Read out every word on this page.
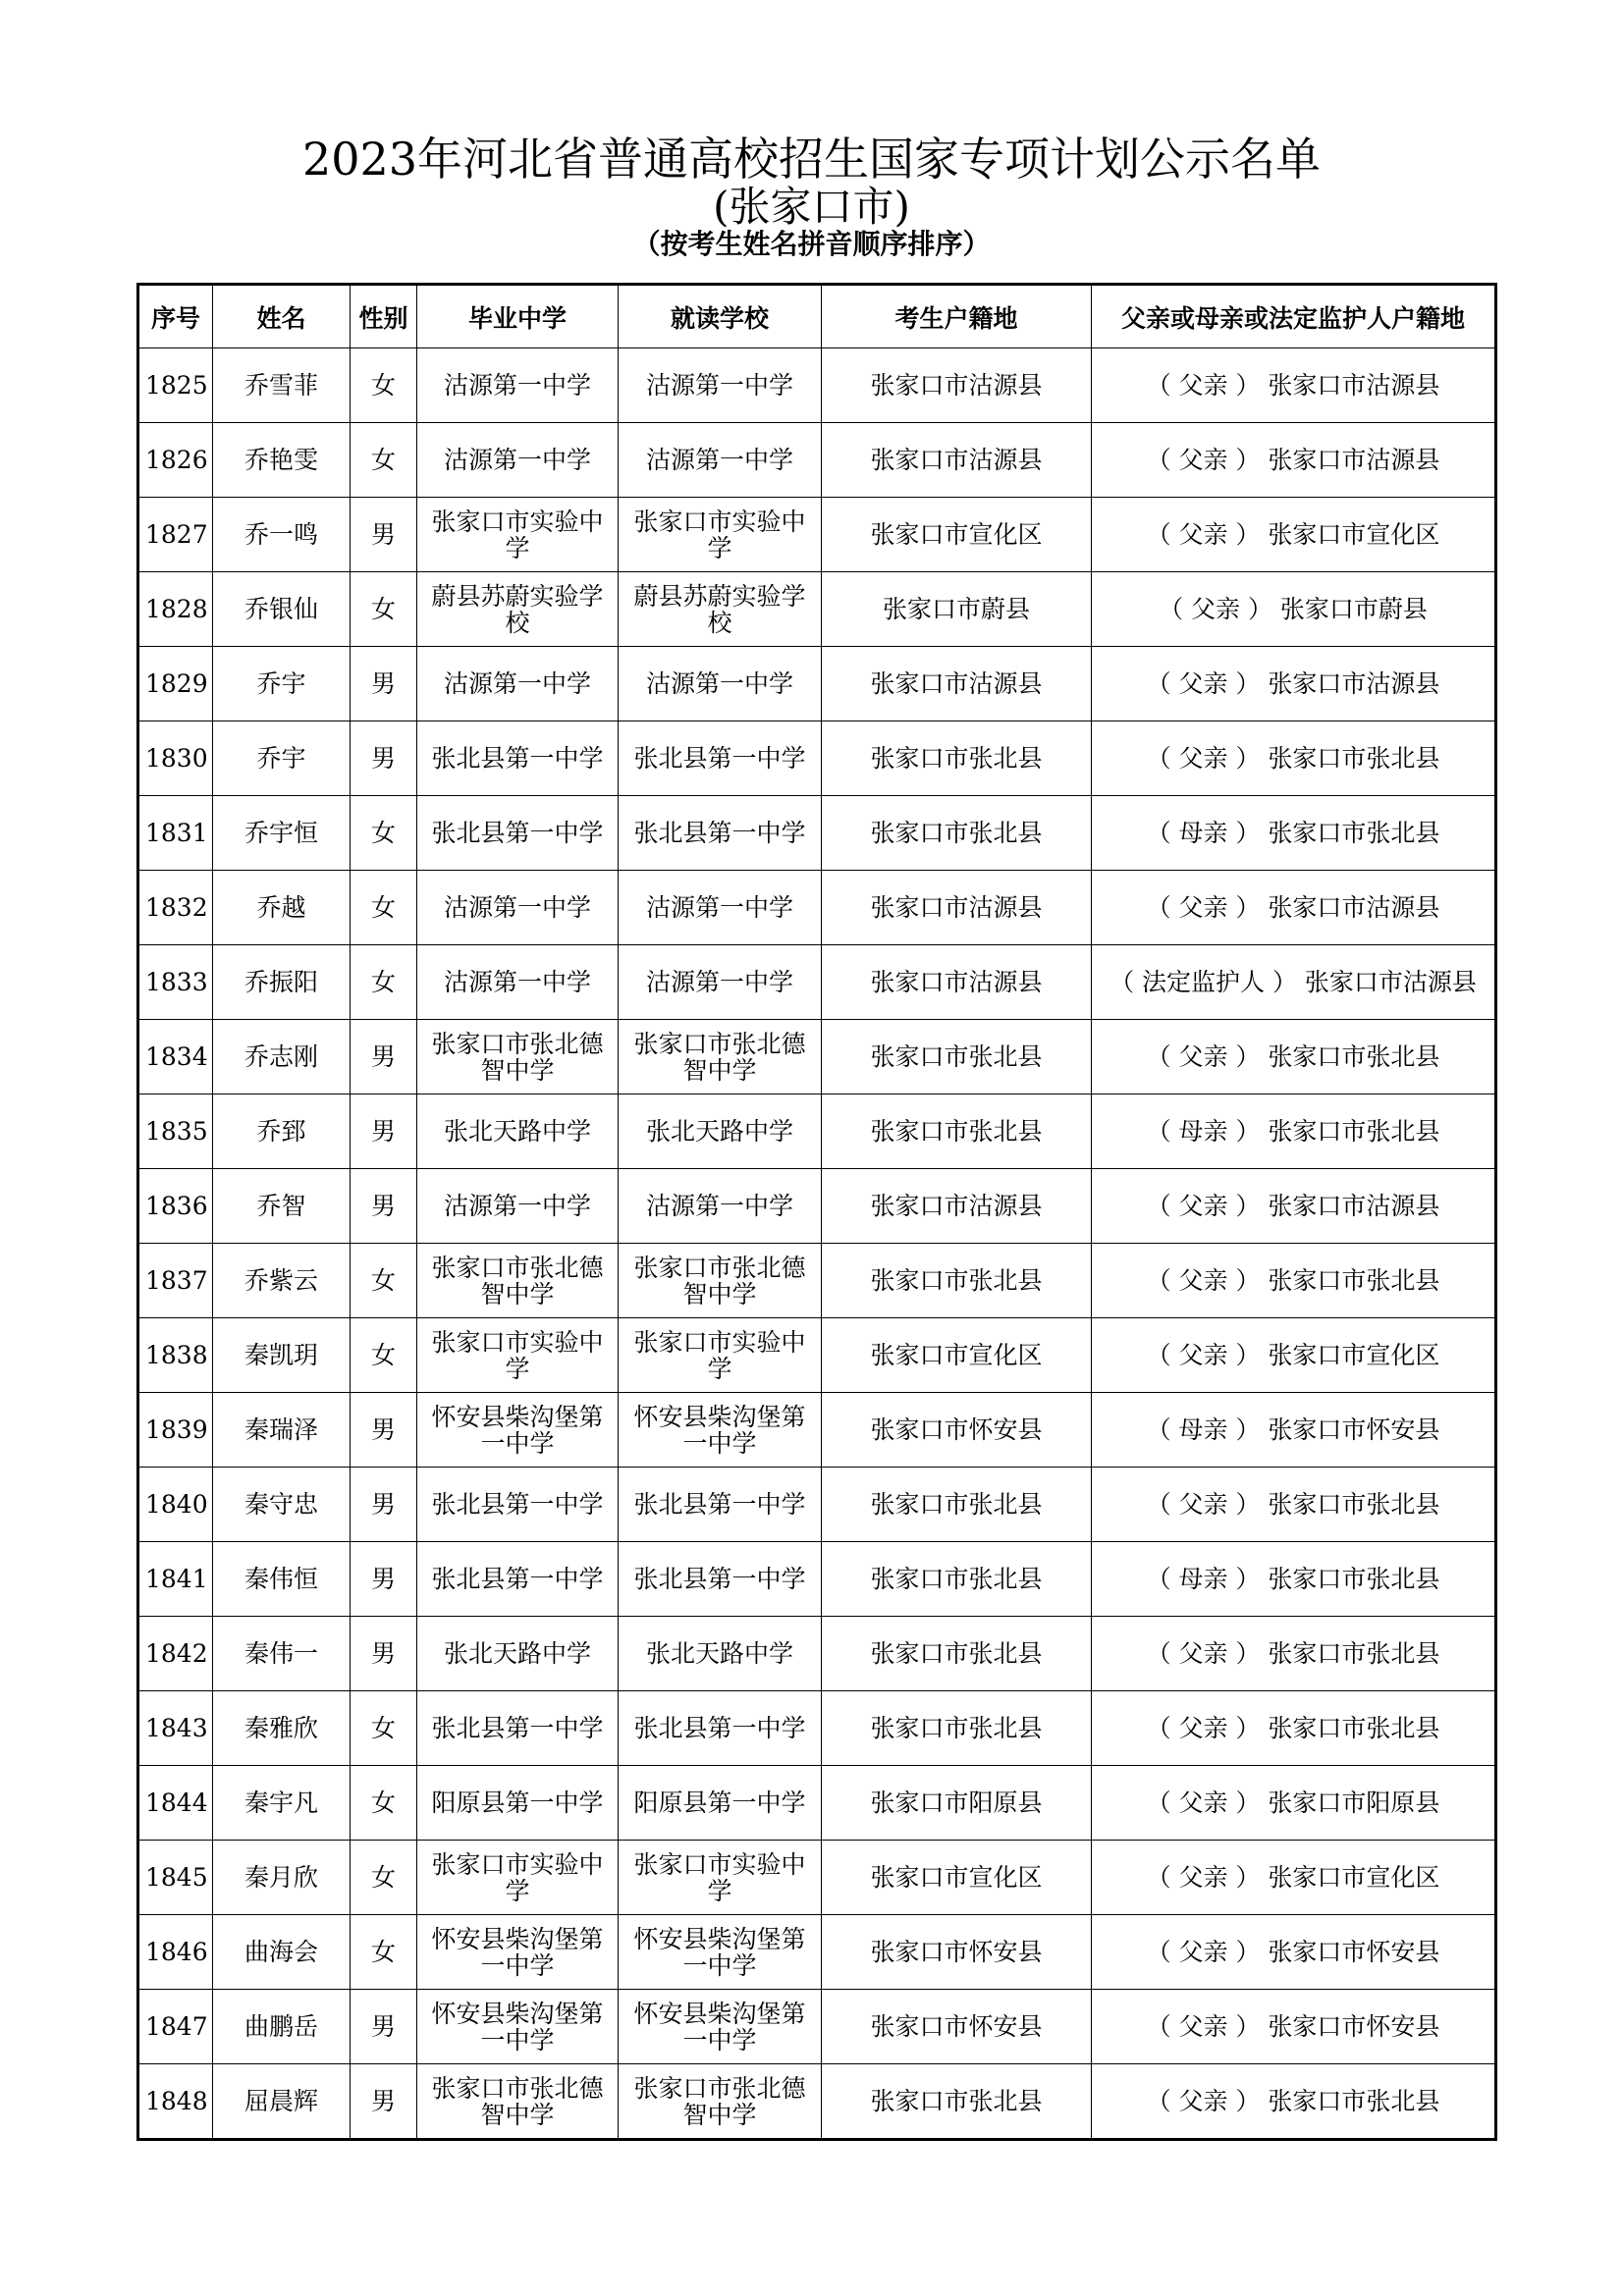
2023年河北省普通高校招生国家专项计划公示名单
(张家口市)
（按考生姓名拼音顺序排序）
序号	姓名	性别	毕业中学	就读学校	考生户籍地	父亲或母亲或法定监护人户籍地
1825	乔雪菲	女	沽源第一中学	沽源第一中学	张家口市沽源县	（ 父亲 ） 张家口市沽源县
1826	乔艳雯	女	沽源第一中学	沽源第一中学	张家口市沽源县	（ 父亲 ） 张家口市沽源县
1827	乔一鸣	男	张家口市实验中学	张家口市实验中学	张家口市宣化区	（ 父亲 ） 张家口市宣化区
1828	乔银仙	女	蔚县苏蔚实验学校	蔚县苏蔚实验学校	张家口市蔚县	（ 父亲 ） 张家口市蔚县
1829	乔宇	男	沽源第一中学	沽源第一中学	张家口市沽源县	（ 父亲 ） 张家口市沽源县
1830	乔宇	男	张北县第一中学	张北县第一中学	张家口市张北县	（ 父亲 ） 张家口市张北县
1831	乔宇恒	女	张北县第一中学	张北县第一中学	张家口市张北县	（ 母亲 ） 张家口市张北县
1832	乔越	女	沽源第一中学	沽源第一中学	张家口市沽源县	（ 父亲 ） 张家口市沽源县
1833	乔振阳	女	沽源第一中学	沽源第一中学	张家口市沽源县	（ 法定监护人 ） 张家口市沽源县
1834	乔志刚	男	张家口市张北德智中学	张家口市张北德智中学	张家口市张北县	（ 父亲 ） 张家口市张北县
1835	乔郅	男	张北天路中学	张北天路中学	张家口市张北县	（ 母亲 ） 张家口市张北县
1836	乔智	男	沽源第一中学	沽源第一中学	张家口市沽源县	（ 父亲 ） 张家口市沽源县
1837	乔紫云	女	张家口市张北德智中学	张家口市张北德智中学	张家口市张北县	（ 父亲 ） 张家口市张北县
1838	秦凯玥	女	张家口市实验中学	张家口市实验中学	张家口市宣化区	（ 父亲 ） 张家口市宣化区
1839	秦瑞泽	男	怀安县柴沟堡第一中学	怀安县柴沟堡第一中学	张家口市怀安县	（ 母亲 ） 张家口市怀安县
1840	秦守忠	男	张北县第一中学	张北县第一中学	张家口市张北县	（ 父亲 ） 张家口市张北县
1841	秦伟恒	男	张北县第一中学	张北县第一中学	张家口市张北县	（ 母亲 ） 张家口市张北县
1842	秦伟一	男	张北天路中学	张北天路中学	张家口市张北县	（ 父亲 ） 张家口市张北县
1843	秦雅欣	女	张北县第一中学	张北县第一中学	张家口市张北县	（ 父亲 ） 张家口市张北县
1844	秦宇凡	女	阳原县第一中学	阳原县第一中学	张家口市阳原县	（ 父亲 ） 张家口市阳原县
1845	秦月欣	女	张家口市实验中学	张家口市实验中学	张家口市宣化区	（ 父亲 ） 张家口市宣化区
1846	曲海会	女	怀安县柴沟堡第一中学	怀安县柴沟堡第一中学	张家口市怀安县	（ 父亲 ） 张家口市怀安县
1847	曲鹏岳	男	怀安县柴沟堡第一中学	怀安县柴沟堡第一中学	张家口市怀安县	（ 父亲 ） 张家口市怀安县
1848	屈晨辉	男	张家口市张北德智中学	张家口市张北德智中学	张家口市张北县	（ 父亲 ） 张家口市张北县
